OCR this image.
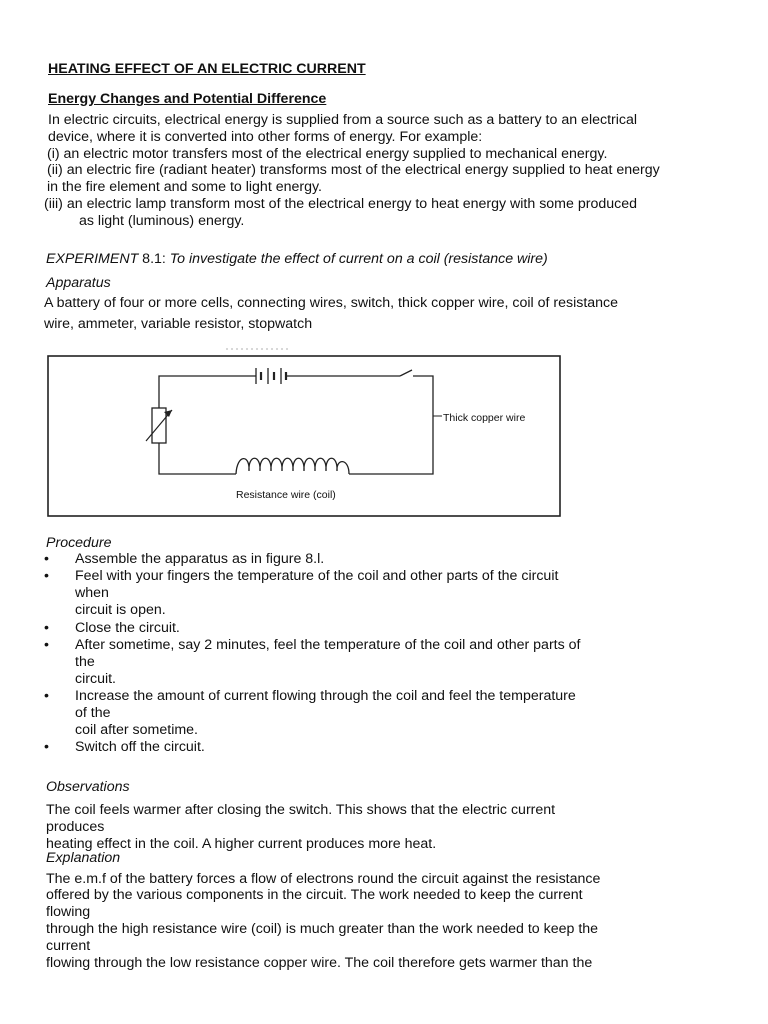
HEATING EFFECT OF AN ELECTRIC CURRENT
Energy Changes and Potential Difference
In electric circuits, electrical energy is supplied from a source such as a battery to an electrical
device, where it is converted into other forms of energy. For example:
(i) an electric motor transfers most of the electrical energy supplied to mechanical energy.
(ii) an electric fire (radiant heater) transforms most of the electrical energy supplied to heat energy
in the fire element and some to light energy.
(iii) an electric lamp transform most of the electrical energy to heat energy with some produced
as light (luminous) energy.
EXPERIMENT 8.1: To investigate the effect of current on a coil (resistance wire)
Apparatus
A battery of four or more cells, connecting wires, switch, thick copper wire, coil of resistance
wire, ammeter, variable resistor, stopwatch
Thick copper wire
Resistance wire (coil)
Procedure
Assemble the apparatus as in figure 8.l.
Feel with your fingers the temperature of the coil and other parts of the circuit
when
circuit is open.
Close the circuit.
After sometime, say 2 minutes, feel the temperature of the coil and other parts of
the
circuit.
Increase the amount of current flowing through the coil and feel the temperature
of the
coil after sometime.
Switch off the circuit.
Observations
The coil feels warmer after closing the switch. This shows that the electric current
produces
heating effect in the coil. A higher current produces more heat.
Explanation
The e.m.f of the battery forces a flow of electrons round the circuit against the resistance
offered by the various components in the circuit. The work needed to keep the current
flowing
through the high resistance wire (coil) is much greater than the work needed to keep the
current
flowing through the low resistance copper wire. The coil therefore gets warmer than the
